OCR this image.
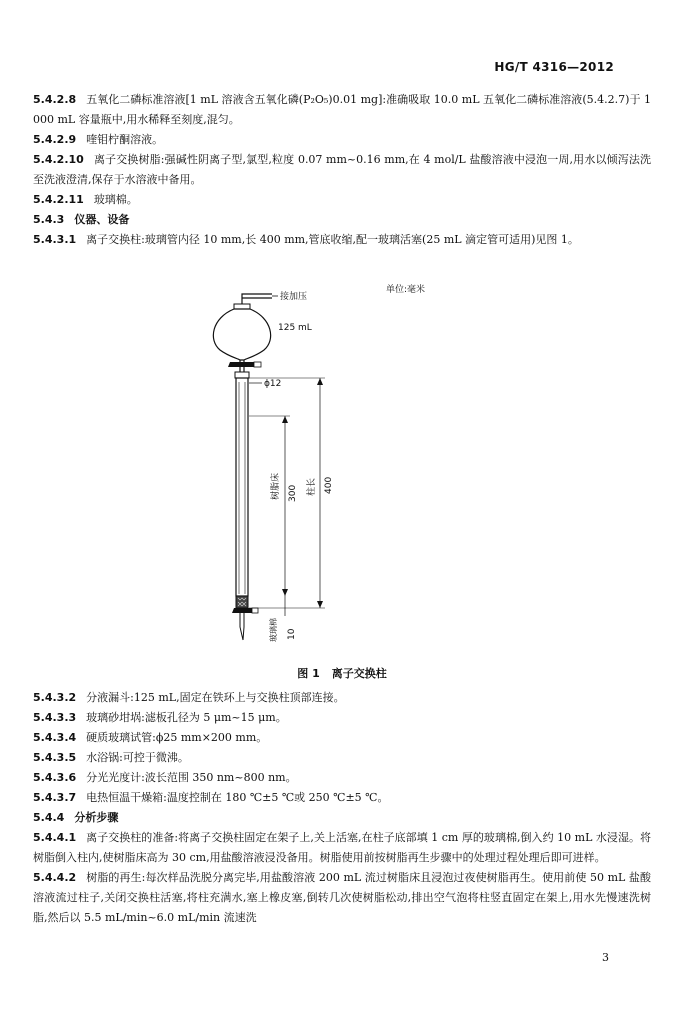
HG/T 4316—2012

5.4.2.8 五氧化二磷标准溶液[1 mL 溶液含五氧化磷(P₂O₅)0.01 mg]:准确吸取 10.0 mL 五氧化二磷标准溶液(5.4.2.7)于 1 000 mL 容量瓶中,用水稀释至刻度,混匀。

5.4.2.9 喹钼柠酮溶液。

5.4.2.10 离子交换树脂:强碱性阴离子型,氯型,粒度 0.07 mm~0.16 mm,在 4 mol/L 盐酸溶液中浸泡一周,用水以倾泻法洗至洗液澄清,保存于水溶液中备用。

5.4.2.11 玻璃棉。

5.4.3 仪器、设备

5.4.3.1 离子交换柱:玻璃管内径 10 mm,长 400 mm,管底收缩,配一玻璃活塞(25 mL 滴定管可适用)见图 1。

单位:毫米
接加压
125 mL
ϕ12
树脂床 300 柱长 400
玻璃棉 10
图 1 离子交换柱

5.4.3.2 分液漏斗:125 mL,固定在铁环上与交换柱顶部连接。

5.4.3.3 玻璃砂坩埚:滤板孔径为 5 μm~15 μm。

5.4.3.4 硬质玻璃试管:ϕ25 mm×200 mm。

5.4.3.5 水浴锅:可控于微沸。

5.4.3.6 分光光度计:波长范围 350 nm~800 nm。

5.4.3.7 电热恒温干燥箱:温度控制在 180 ℃±5 ℃或 250 ℃±5 ℃。

5.4.4 分析步骤

5.4.4.1 离子交换柱的准备:将离子交换柱固定在架子上,关上活塞,在柱子底部填 1 cm 厚的玻璃棉,倒入约 10 mL 水浸湿。将树脂倒入柱内,使树脂床高为 30 cm,用盐酸溶液浸没备用。树脂使用前按树脂再生步骤中的处理过程处理后即可进样。

5.4.4.2 树脂的再生:每次样品洗脱分离完毕,用盐酸溶液 200 mL 流过树脂床且浸泡过夜使树脂再生。使用前使 50 mL 盐酸溶液流过柱子,关闭交换柱活塞,将柱充满水,塞上橡皮塞,倒转几次使树脂松动,排出空气泡将柱竖直固定在架上,用水先慢速洗树脂,然后以 5.5 mL/min~6.0 mL/min 流速洗

3
